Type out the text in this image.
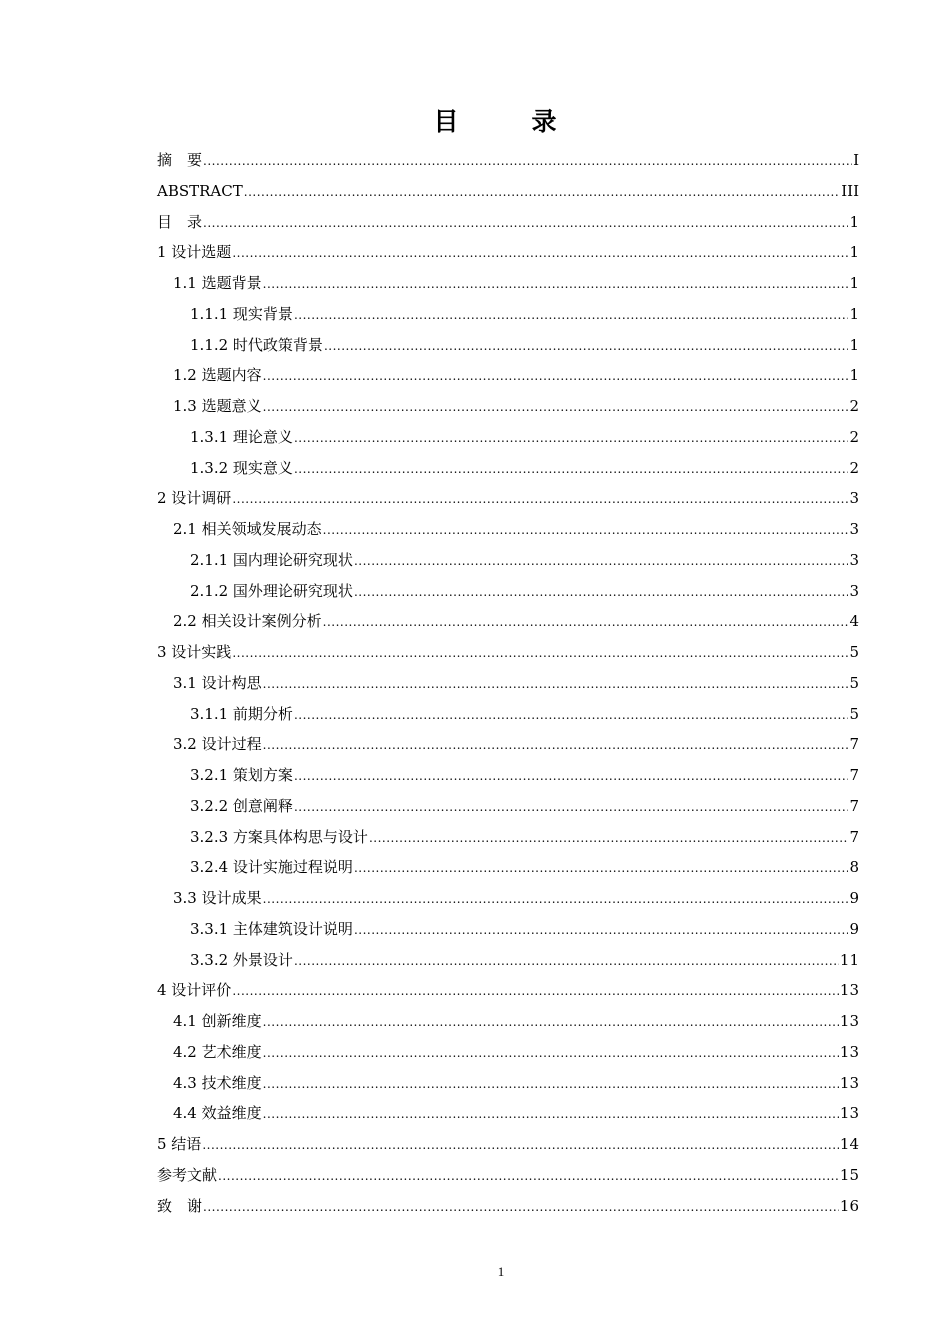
目　录
摘　要 .....	I
ABSTRACT .....	III
目　录 .....	1
1 设计选题 .....	1
1.1 选题背景 .....	1
1.1.1 现实背景 .....	1
1.1.2 时代政策背景 .....	1
1.2 选题内容 .....	1
1.3 选题意义 .....	2
1.3.1 理论意义 .....	2
1.3.2 现实意义 .....	2
2 设计调研 .....	3
2.1 相关领域发展动态 .....	3
2.1.1 国内理论研究现状 .....	3
2.1.2 国外理论研究现状 .....	3
2.2 相关设计案例分析 .....	4
3 设计实践 .....	5
3.1 设计构思 .....	5
3.1.1 前期分析 .....	5
3.2 设计过程 .....	7
3.2.1 策划方案 .....	7
3.2.2 创意阐释 .....	7
3.2.3 方案具体构思与设计 .....	7
3.2.4 设计实施过程说明 .....	8
3.3 设计成果 .....	9
3.3.1 主体建筑设计说明 .....	9
3.3.2 外景设计 .....	11
4 设计评价 .....	13
4.1 创新维度 .....	13
4.2 艺术维度 .....	13
4.3 技术维度 .....	13
4.4 效益维度 .....	13
5 结语 .....	14
参考文献 .....	15
致　谢 .....	16
1
